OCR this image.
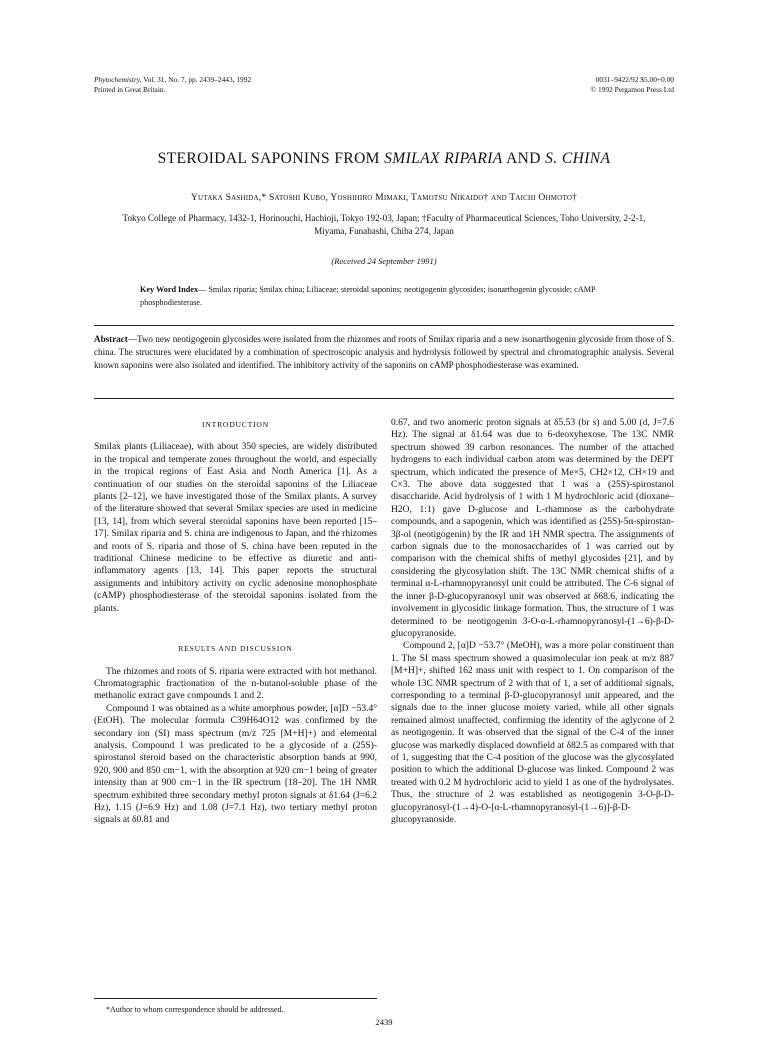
Phytochemistry, Vol. 31, No. 7, pp. 2439–2443, 1992
Printed in Great Britain.
0031–9422/92 $5.00+0.00
© 1992 Pergamon Press Ltd
STEROIDAL SAPONINS FROM SMILAX RIPARIA AND S. CHINA
Yutaka Sashida,* Satoshi Kubo, Yoshihiro Mimaki, Tamotsu Nikaido† and Taichi Ohmoto†
Tokyo College of Pharmacy, 1432-1, Horinouchi, Hachioji, Tokyo 192-03, Japan; †Faculty of Pharmaceutical Sciences, Toho University, 2-2-1, Miyama, Funabashi, Chiba 274, Japan
(Received 24 September 1991)
Key Word Index— Smilax riparia; Smilax china; Liliaceae; steroidal saponins; neotigogenin glycosides; isonarthogenin glycoside; cAMP phosphodiesterase.
Abstract—Two new neotigogenin glycosides were isolated from the rhizomes and roots of Smilax riparia and a new isonarthogenin glycoside from those of S. china. The structures were elucidated by a combination of spectroscopic analysis and hydrolysis followed by spectral and chromatographic analysis. Several known saponins were also isolated and identified. The inhibitory activity of the saponins on cAMP phosphodiesterase was examined.
INTRODUCTION

Smilax plants (Liliaceae), with about 350 species, are widely distributed in the tropical and temperate zones throughout the world, and especially in the tropical regions of East Asia and North America [1]. As a continuation of our studies on the steroidal saponins of the Liliaceae plants [2–12], we have investigated those of the Smilax plants. A survey of the literature showed that several Smilax species are used in medicine [13, 14], from which several steroidal saponins have been reported [15–17]. Smilax riparia and S. china are indigenous to Japan, and the rhizomes and roots of S. riparia and those of S. china have been reputed in the traditional Chinese medicine to be effective as diuretic and anti-inflammatory agents [13, 14]. This paper reports the structural assignments and inhibitory activity on cyclic adenosine monophosphate (cAMP) phosphodiesterase of the steroidal saponins isolated from the plants.

RESULTS AND DISCUSSION

The rhizomes and roots of S. riparia were extracted with hot methanol. Chromatographic fractionation of the n-butanol-soluble phase of the methanolic extract gave compounds 1 and 2.

Compound 1 was obtained as a white amorphous powder, [α]D −53.4° (EtOH). The molecular formula C39H64O12 was confirmed by the secondary ion (SI) mass spectrum (m/z 725 [M+H]+) and elemental analysis. Compound 1 was predicated to be a glycoside of a (25S)-spirostanol steroid based on the characteristic absorption bands at 990, 920, 900 and 850 cm−1, with the absorption at 920 cm−1 being of greater intensity than at 900 cm−1 in the IR spectrum [18–20]. The 1H NMR spectrum exhibited three secondary methyl proton signals at δ1.64 (J=6.2 Hz), 1.15 (J=6.9 Hz) and 1.08 (J=7.1 Hz), two tertiary methyl proton signals at δ0.81 and

0.67, and two anomeric proton signals at δ5.53 (br s) and 5.00 (d, J=7.6 Hz). The signal at δ1.64 was due to 6-deoxyhexose. The 13C NMR spectrum showed 39 carbon resonances. The number of the attached hydrogens to each individual carbon atom was determined by the DEPT spectrum, which indicated the presence of Me×5, CH2×12, CH×19 and C×3. The above data suggested that 1 was a (25S)-spirostanol disaccharide. Acid hydrolysis of 1 with 1 M hydrochloric acid (dioxane–H2O, 1:1) gave D-glucose and L-rhamnose as the carbohydrate compounds, and a sapogenin, which was identified as (25S)-5α-spirostan-3β-ol (neotigogenin) by the IR and 1H NMR spectra. The assignments of carbon signals due to the monosaccharides of 1 was carried out by comparison with the chemical shifts of methyl glycosides [21], and by considering the glycosylation shift. The 13C NMR chemical shifts of a terminal α-L-rhamnopyranosyl unit could be attributed. The C-6 signal of the inner β-D-glucopyranosyl unit was observed at δ68.6, indicating the involvement in glycosidic linkage formation. Thus, the structure of 1 was determined to be neotigogenin 3-O-α-L-rhamnopyranosyl-(1→6)-β-D-glucopyranoside.

Compound 2, [α]D −53.7° (MeOH), was a more polar constituent than 1. The SI mass spectrum showed a quasimolecular ion peak at m/z 887 [M+H]+, shifted 162 mass unit with respect to 1. On comparison of the whole 13C NMR spectrum of 2 with that of 1, a set of additional signals, corresponding to a terminal β-D-glucopyranosyl unit appeared, and the signals due to the inner glucose moiety varied, while all other signals remained almost unaffected, confirming the identity of the aglycone of 2 as neotigogenin. It was observed that the signal of the C-4 of the inner glucose was markedly displaced downfield at δ82.5 as compared with that of 1, suggesting that the C-4 position of the glucose was the glycosylated position to which the additional D-glucose was linked. Compound 2 was treated with 0.2 M hydrochloric acid to yield 1 as one of the hydrolysates. Thus, the structure of 2 was established as neotigogenin 3-O-β-D-glucopyranosyl-(1→4)-O-[α-L-rhamnopyranosyl-(1→6)]-β-D-glucopyranoside.

*Author to whom correspondence should be addressed.
2439
